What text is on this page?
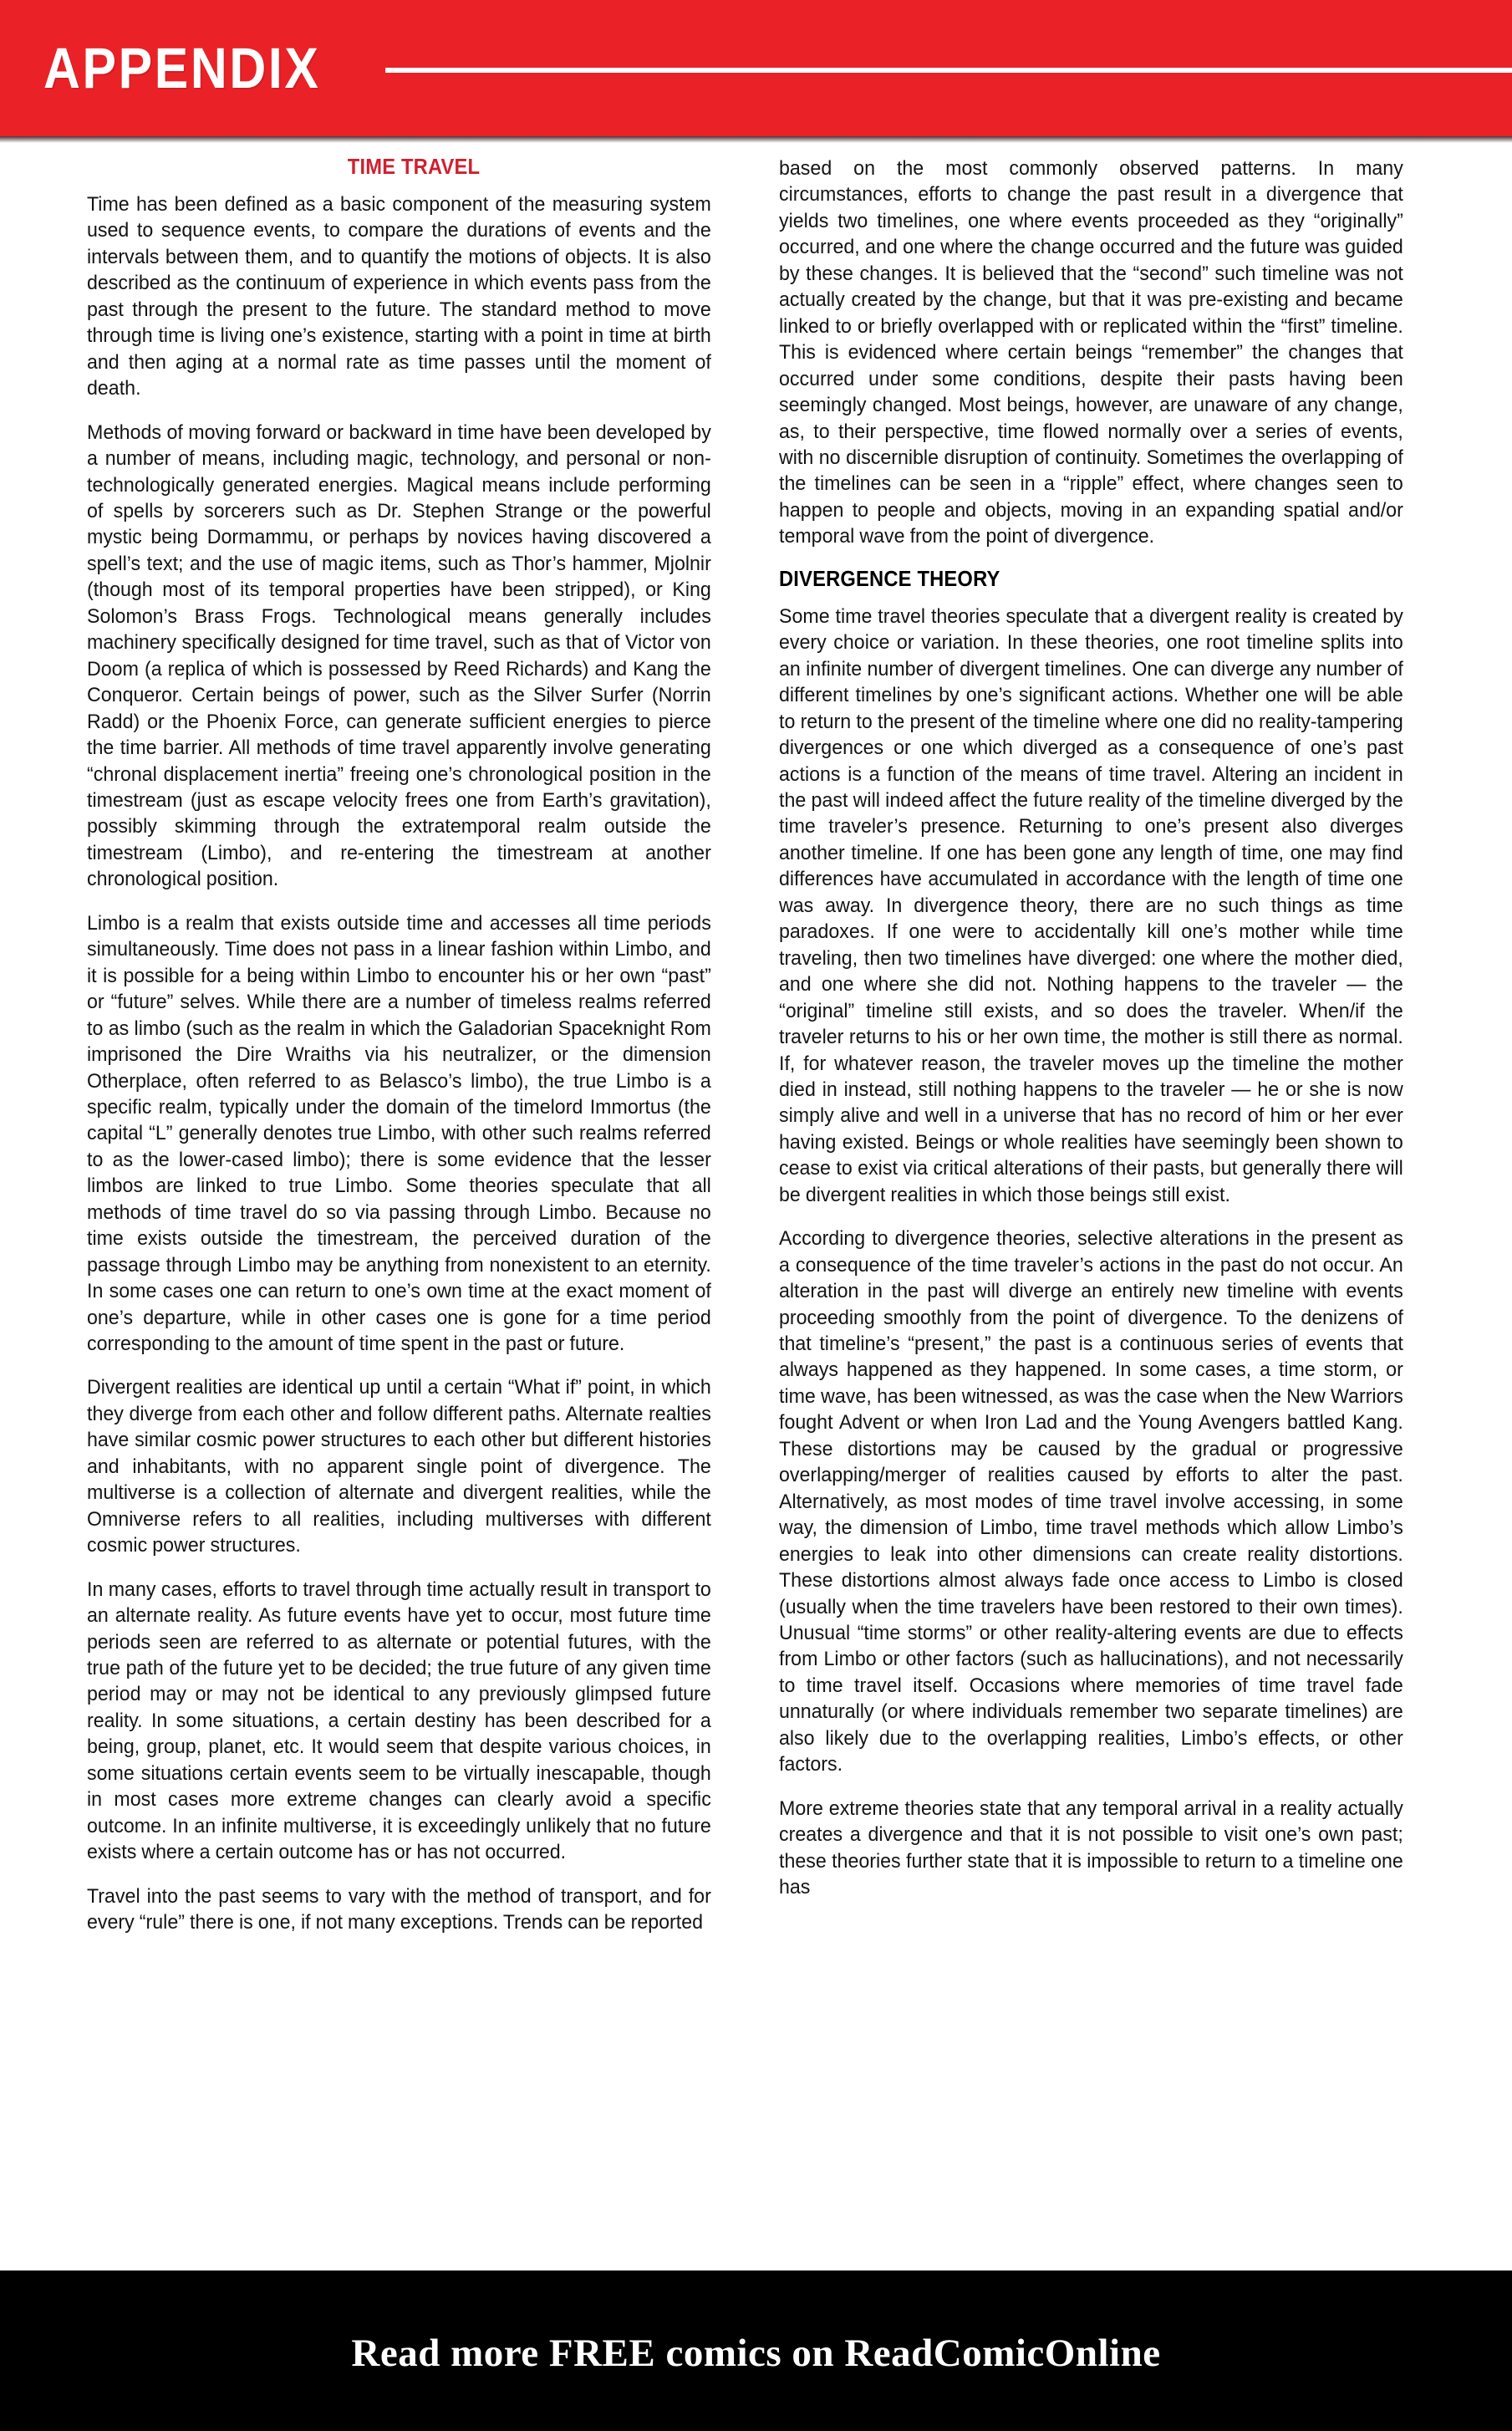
APPENDIX
TIME TRAVEL

Time has been defined as a basic component of the measuring system used to sequence events, to compare the durations of events and the intervals between them, and to quantify the motions of objects. It is also described as the continuum of experience in which events pass from the past through the present to the future. The standard method to move through time is living one’s existence, starting with a point in time at birth and then aging at a normal rate as time passes until the moment of death.

Methods of moving forward or backward in time have been developed by a number of means, including magic, technology, and personal or non-technologically generated energies. Magical means include performing of spells by sorcerers such as Dr. Stephen Strange or the powerful mystic being Dormammu, or perhaps by novices having discovered a spell’s text; and the use of magic items, such as Thor’s hammer, Mjolnir (though most of its temporal properties have been stripped), or King Solomon’s Brass Frogs. Technological means generally includes machinery specifically designed for time travel, such as that of Victor von Doom (a replica of which is possessed by Reed Richards) and Kang the Conqueror. Certain beings of power, such as the Silver Surfer (Norrin Radd) or the Phoenix Force, can generate sufficient energies to pierce the time barrier. All methods of time travel apparently involve generating “chronal displacement inertia” freeing one’s chronological position in the timestream (just as escape velocity frees one from Earth’s gravitation), possibly skimming through the extratemporal realm outside the timestream (Limbo), and re-entering the timestream at another chronological position.

Limbo is a realm that exists outside time and accesses all time periods simultaneously. Time does not pass in a linear fashion within Limbo, and it is possible for a being within Limbo to encounter his or her own “past” or “future” selves. While there are a number of timeless realms referred to as limbo (such as the realm in which the Galadorian Spaceknight Rom imprisoned the Dire Wraiths via his neutralizer, or the dimension Otherplace, often referred to as Belasco’s limbo), the true Limbo is a specific realm, typically under the domain of the timelord Immortus (the capital “L” generally denotes true Limbo, with other such realms referred to as the lower-cased limbo); there is some evidence that the lesser limbos are linked to true Limbo. Some theories speculate that all methods of time travel do so via passing through Limbo. Because no time exists outside the timestream, the perceived duration of the passage through Limbo may be anything from nonexistent to an eternity. In some cases one can return to one’s own time at the exact moment of one’s departure, while in other cases one is gone for a time period corresponding to the amount of time spent in the past or future.

Divergent realities are identical up until a certain “What if” point, in which they diverge from each other and follow different paths. Alternate realties have similar cosmic power structures to each other but different histories and inhabitants, with no apparent single point of divergence. The multiverse is a collection of alternate and divergent realities, while the Omniverse refers to all realities, including multiverses with different cosmic power structures.

In many cases, efforts to travel through time actually result in transport to an alternate reality. As future events have yet to occur, most future time periods seen are referred to as alternate or potential futures, with the true path of the future yet to be decided; the true future of any given time period may or may not be identical to any previously glimpsed future reality. In some situations, a certain destiny has been described for a being, group, planet, etc. It would seem that despite various choices, in some situations certain events seem to be virtually inescapable, though in most cases more extreme changes can clearly avoid a specific outcome. In an infinite multiverse, it is exceedingly unlikely that no future exists where a certain outcome has or has not occurred.

Travel into the past seems to vary with the method of transport, and for every “rule” there is one, if not many exceptions. Trends can be reported

based on the most commonly observed patterns. In many circumstances, efforts to change the past result in a divergence that yields two timelines, one where events proceeded as they “originally” occurred, and one where the change occurred and the future was guided by these changes. It is believed that the “second” such timeline was not actually created by the change, but that it was pre-existing and became linked to or briefly overlapped with or replicated within the “first” timeline. This is evidenced where certain beings “remember” the changes that occurred under some conditions, despite their pasts having been seemingly changed. Most beings, however, are unaware of any change, as, to their perspective, time flowed normally over a series of events, with no discernible disruption of continuity. Sometimes the overlapping of the timelines can be seen in a “ripple” effect, where changes seen to happen to people and objects, moving in an expanding spatial and/or temporal wave from the point of divergence.

DIVERGENCE THEORY

Some time travel theories speculate that a divergent reality is created by every choice or variation. In these theories, one root timeline splits into an infinite number of divergent timelines. One can diverge any number of different timelines by one’s significant actions. Whether one will be able to return to the present of the timeline where one did no reality-tampering divergences or one which diverged as a consequence of one’s past actions is a function of the means of time travel. Altering an incident in the past will indeed affect the future reality of the timeline diverged by the time traveler’s presence. Returning to one’s present also diverges another timeline. If one has been gone any length of time, one may find differences have accumulated in accordance with the length of time one was away. In divergence theory, there are no such things as time paradoxes. If one were to accidentally kill one’s mother while time traveling, then two timelines have diverged: one where the mother died, and one where she did not. Nothing happens to the traveler — the “original” timeline still exists, and so does the traveler. When/if the traveler returns to his or her own time, the mother is still there as normal. If, for whatever reason, the traveler moves up the timeline the mother died in instead, still nothing happens to the traveler — he or she is now simply alive and well in a universe that has no record of him or her ever having existed. Beings or whole realities have seemingly been shown to cease to exist via critical alterations of their pasts, but generally there will be divergent realities in which those beings still exist.

According to divergence theories, selective alterations in the present as a consequence of the time traveler’s actions in the past do not occur. An alteration in the past will diverge an entirely new timeline with events proceeding smoothly from the point of divergence. To the denizens of that timeline’s “present,” the past is a continuous series of events that always happened as they happened. In some cases, a time storm, or time wave, has been witnessed, as was the case when the New Warriors fought Advent or when Iron Lad and the Young Avengers battled Kang. These distortions may be caused by the gradual or progressive overlapping/merger of realities caused by efforts to alter the past. Alternatively, as most modes of time travel involve accessing, in some way, the dimension of Limbo, time travel methods which allow Limbo’s energies to leak into other dimensions can create reality distortions. These distortions almost always fade once access to Limbo is closed (usually when the time travelers have been restored to their own times). Unusual “time storms” or other reality-altering events are due to effects from Limbo or other factors (such as hallucinations), and not necessarily to time travel itself. Occasions where memories of time travel fade unnaturally (or where individuals remember two separate timelines) are also likely due to the overlapping realities, Limbo’s effects, or other factors.

More extreme theories state that any temporal arrival in a reality actually creates a divergence and that it is not possible to visit one’s own past; these theories further state that it is impossible to return to a timeline one has

Read more FREE comics on ReadComicOnline
